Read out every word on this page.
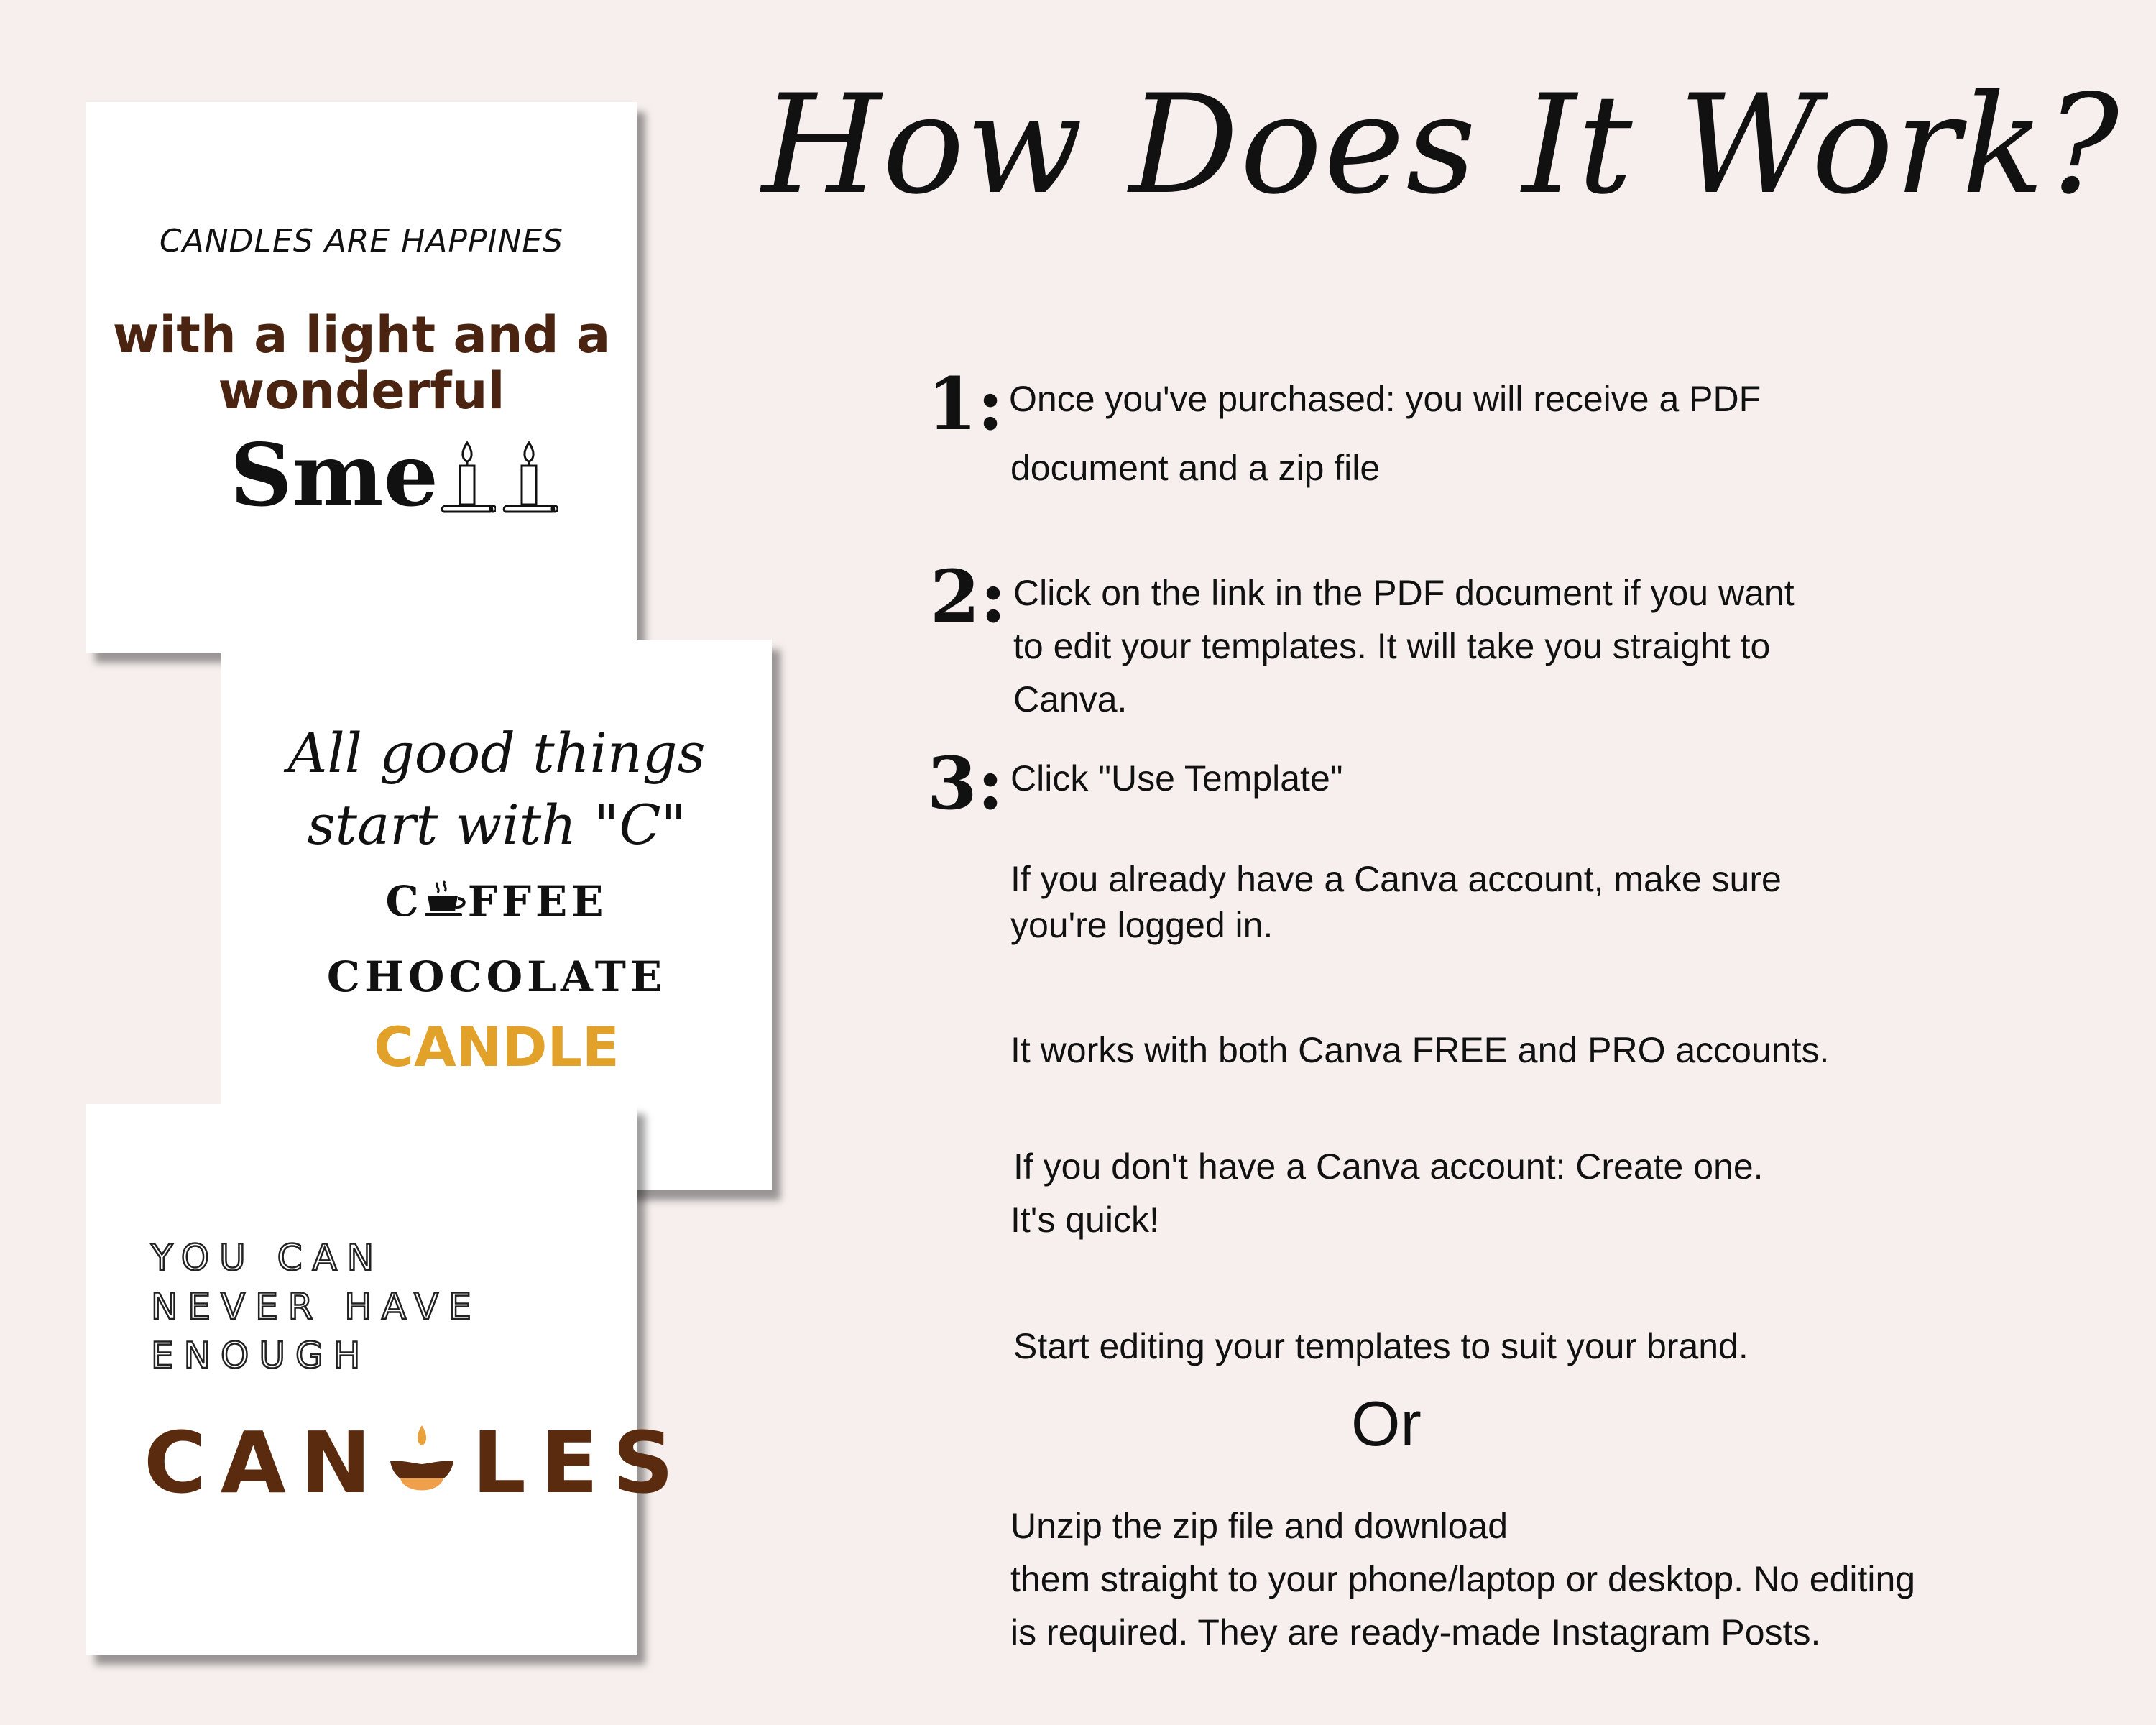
CANDLES ARE HAPPINES
with a light and a wonderful
Sme
All good things start with "C"
C FFEE
CHOCOLATE
CANDLE
YOU CAN
NEVER HAVE
ENOUGH
CAN LES
How Does It Work?
1: Once you've purchased: you will receive a PDF
document and a zip file
2: Click on the link in the PDF document if you want
to edit your templates. It will take you straight to
Canva.
3: Click "Use Template"
If you already have a Canva account, make sure
you're logged in.
It works with both Canva FREE and PRO accounts.
If you don't have a Canva account: Create one.
It's quick!
Start editing your templates to suit your brand.
Or
Unzip the zip file and download
them straight to your phone/laptop or desktop. No editing
is required. They are ready-made Instagram Posts.
